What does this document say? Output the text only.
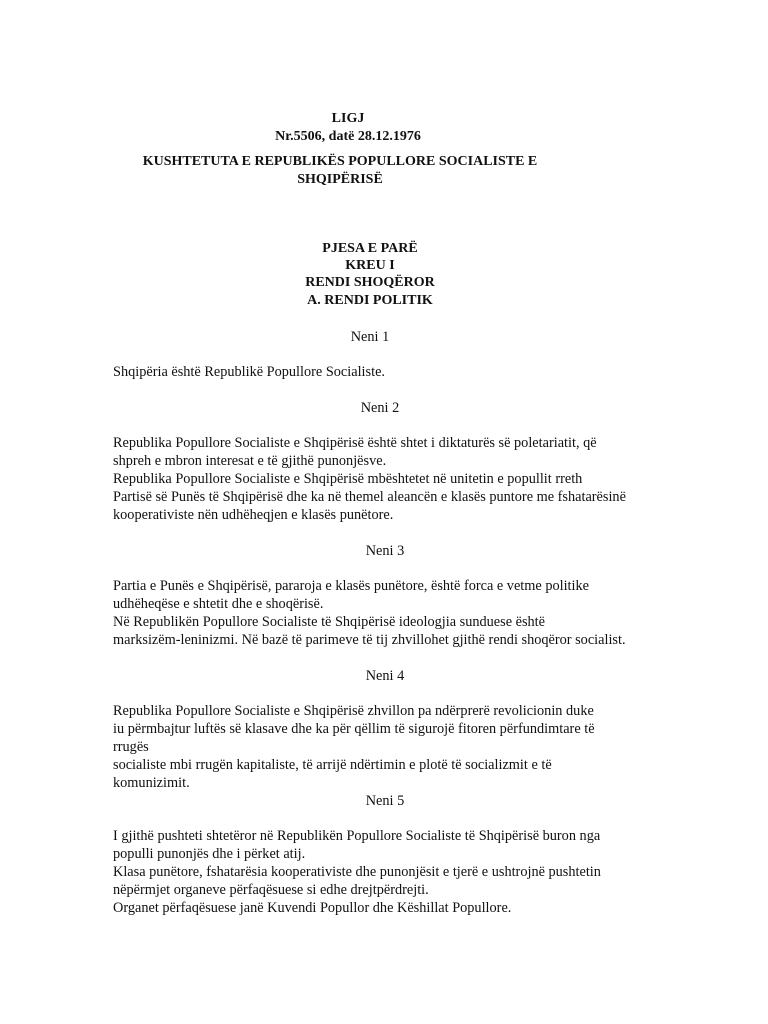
LIGJ
Nr.5506, datë 28.12.1976
KUSHTETUTA E REPUBLIKËS POPULLORE SOCIALISTE E
SHQIPËRISË
PJESA E PARË
KREU I
RENDI SHOQËROR
A. RENDI POLITIK
Neni 1
Shqipëria është Republikë Popullore Socialiste.
Neni 2
Republika Popullore Socialiste e Shqipërisë është shtet i diktaturës së poletariatit, që
shpreh e mbron interesat e të gjithë punonjësve.
Republika Popullore Socialiste e Shqipërisë mbështetet në unitetin e popullit rreth
Partisë së Punës të Shqipërisë dhe ka në themel aleancën e klasës puntore me fshatarësinë
kooperativiste nën udhëheqjen e klasës punëtore.
Neni 3
Partia e Punës e Shqipërisë, pararoja e klasës punëtore, është forca e vetme politike
udhëheqëse e shtetit dhe e shoqërisë.
Në Republikën Popullore Socialiste të Shqipërisë ideologjia sunduese është
marksizëm-leninizmi. Në bazë të parimeve të tij zhvillohet gjithë rendi shoqëror socialist.
Neni 4
Republika Popullore Socialiste e Shqipërisë zhvillon pa ndërprerë revolicionin duke
iu përmbajtur luftës së klasave dhe ka për qëllim të sigurojë fitoren përfundimtare të
rrugës
socialiste mbi rrugën kapitaliste, të arrijë ndërtimin e plotë të socializmit e të
komunizimit.
Neni 5
I gjithë pushteti shtetëror në Republikën Popullore Socialiste të Shqipërisë buron nga
populli punonjës dhe i përket atij.
Klasa punëtore, fshatarësia kooperativiste dhe punonjësit e tjerë e ushtrojnë pushtetin
nëpërmjet organeve përfaqësuese si edhe drejtpërdrejti.
Organet përfaqësuese janë Kuvendi Popullor dhe Këshillat Popullore.
